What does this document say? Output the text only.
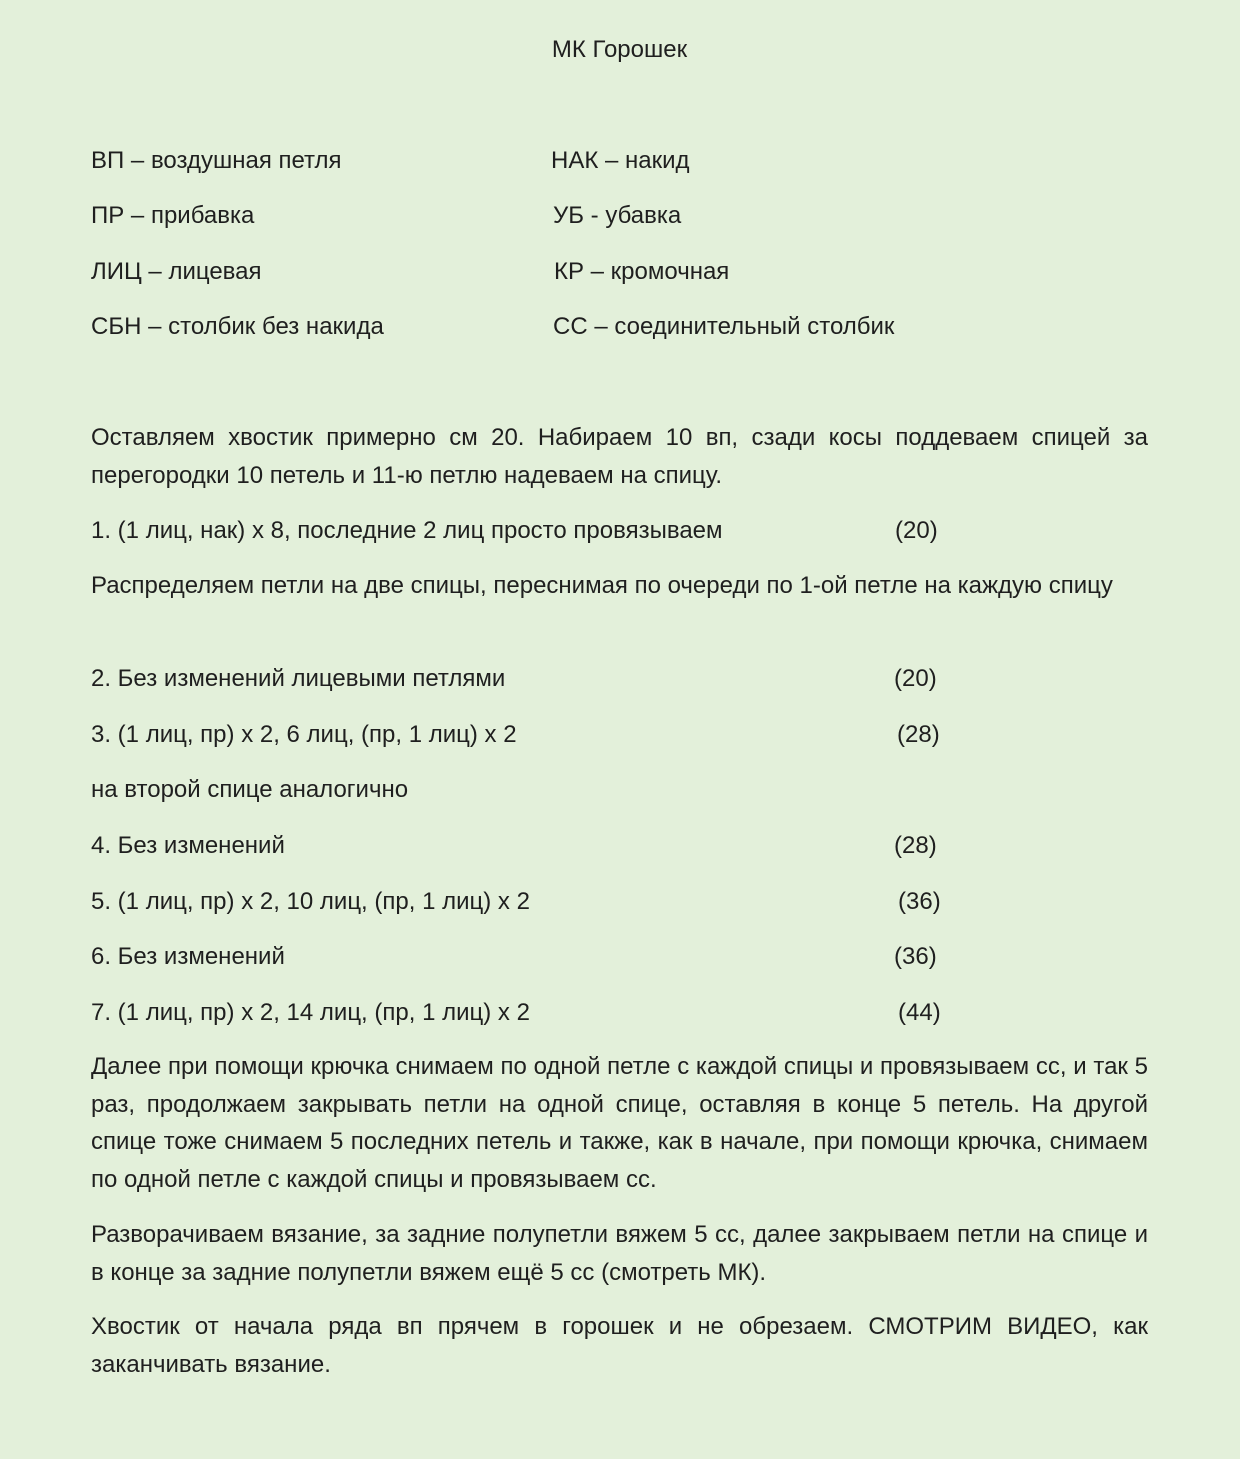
МК Горошек
ВП – воздушная петля	НАК – накид
ПР – прибавка	УБ - убавка
ЛИЦ – лицевая	КР – кромочная
СБН – столбик без накида	СС – соединительный столбик
Оставляем хвостик примерно см 20. Набираем 10 вп, сзади косы поддеваем спицей за перегородки 10 петель и 11-ю петлю надеваем на спицу.
1. (1 лиц, нак) х 8, последние 2 лиц просто провязываем	(20)
Распределяем петли на две спицы, переснимая по очереди по 1-ой петле на каждую спицу
2. Без изменений лицевыми петлями	(20)
3. (1 лиц, пр) х 2, 6 лиц, (пр, 1 лиц) х 2	(28)
на второй спице аналогично
4. Без изменений	(28)
5. (1 лиц, пр) х 2, 10 лиц, (пр, 1 лиц) х 2	(36)
6. Без изменений	(36)
7. (1 лиц, пр) х 2, 14 лиц, (пр, 1 лиц) х 2	(44)
Далее при помощи крючка снимаем по одной петле с каждой спицы и провязываем сс, и так 5 раз, продолжаем закрывать петли на одной спице, оставляя в конце 5 петель. На другой спице тоже снимаем 5 последних петель и также, как в начале, при помощи крючка, снимаем по одной петле с каждой спицы и провязываем сс.
Разворачиваем вязание, за задние полупетли вяжем 5 сс, далее закрываем петли на спице и в конце за задние полупетли вяжем ещё 5 сс (смотреть МК).
Хвостик от начала ряда вп прячем в горошек и не обрезаем. СМОТРИМ ВИДЕО, как заканчивать вязание.
